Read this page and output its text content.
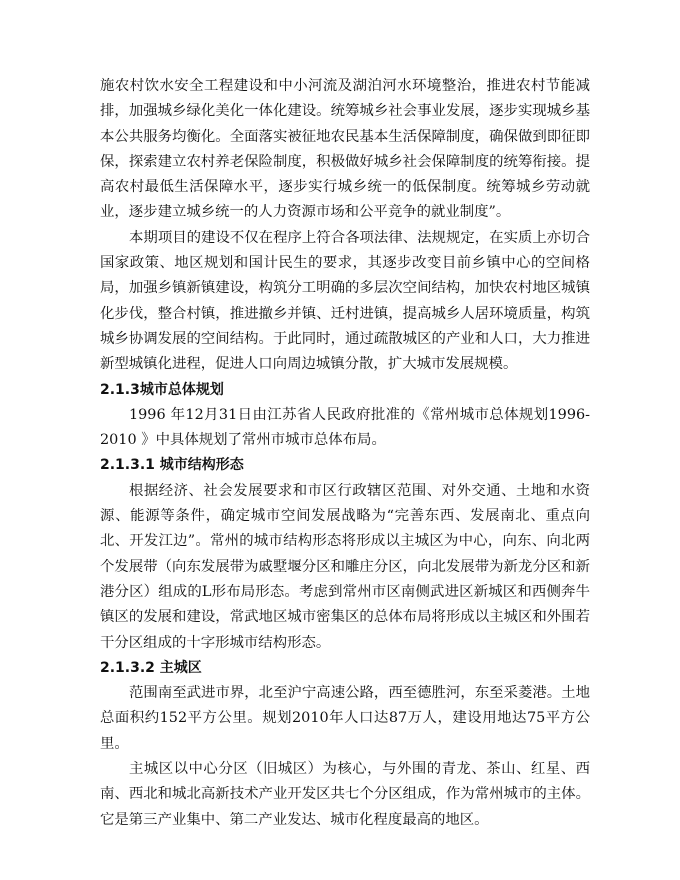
施农村饮水安全工程建设和中小河流及湖泊河水环境整治，推进农村节能减排，加强城乡绿化美化一体化建设。统筹城乡社会事业发展，逐步实现城乡基本公共服务均衡化。全面落实被征地农民基本生活保障制度，确保做到即征即保，探索建立农村养老保险制度，积极做好城乡社会保障制度的统筹衔接。提高农村最低生活保障水平，逐步实行城乡统一的低保制度。统筹城乡劳动就业，逐步建立城乡统一的人力资源市场和公平竞争的就业制度”。

本期项目的建设不仅在程序上符合各项法律、法规规定，在实质上亦切合国家政策、地区规划和国计民生的要求，其逐步改变目前乡镇中心的空间格局，加强乡镇新镇建设，构筑分工明确的多层次空间结构，加快农村地区城镇化步伐，整合村镇，推进撤乡并镇、迁村进镇，提高城乡人居环境质量，构筑城乡协调发展的空间结构。于此同时，通过疏散城区的产业和人口，大力推进新型城镇化进程，促进人口向周边城镇分散，扩大城市发展规模。

2.1.3城市总体规划

1996 年12月31日由江苏省人民政府批准的《常州城市总体规划1996-2010 》中具体规划了常州市城市总体布局。

2.1.3.1 城市结构形态

根据经济、社会发展要求和市区行政辖区范围、对外交通、土地和水资源、能源等条件，确定城市空间发展战略为“完善东西、发展南北、重点向北、开发江边”。常州的城市结构形态将形成以主城区为中心，向东、向北两个发展带（向东发展带为戚墅堰分区和雕庄分区，向北发展带为新龙分区和新港分区）组成的L形布局形态。考虑到常州市区南侧武进区新城区和西侧奔牛镇区的发展和建设，常武地区城市密集区的总体布局将形成以主城区和外围若干分区组成的十字形城市结构形态。

2.1.3.2 主城区

范围南至武进市界，北至沪宁高速公路，西至德胜河，东至采菱港。土地总面积约152平方公里。规划2010年人口达87万人，建设用地达75平方公里。

主城区以中心分区（旧城区）为核心，与外围的青龙、茶山、红星、西南、西北和城北高新技术产业开发区共七个分区组成，作为常州城市的主体。它是第三产业集中、第二产业发达、城市化程度最高的地区。
